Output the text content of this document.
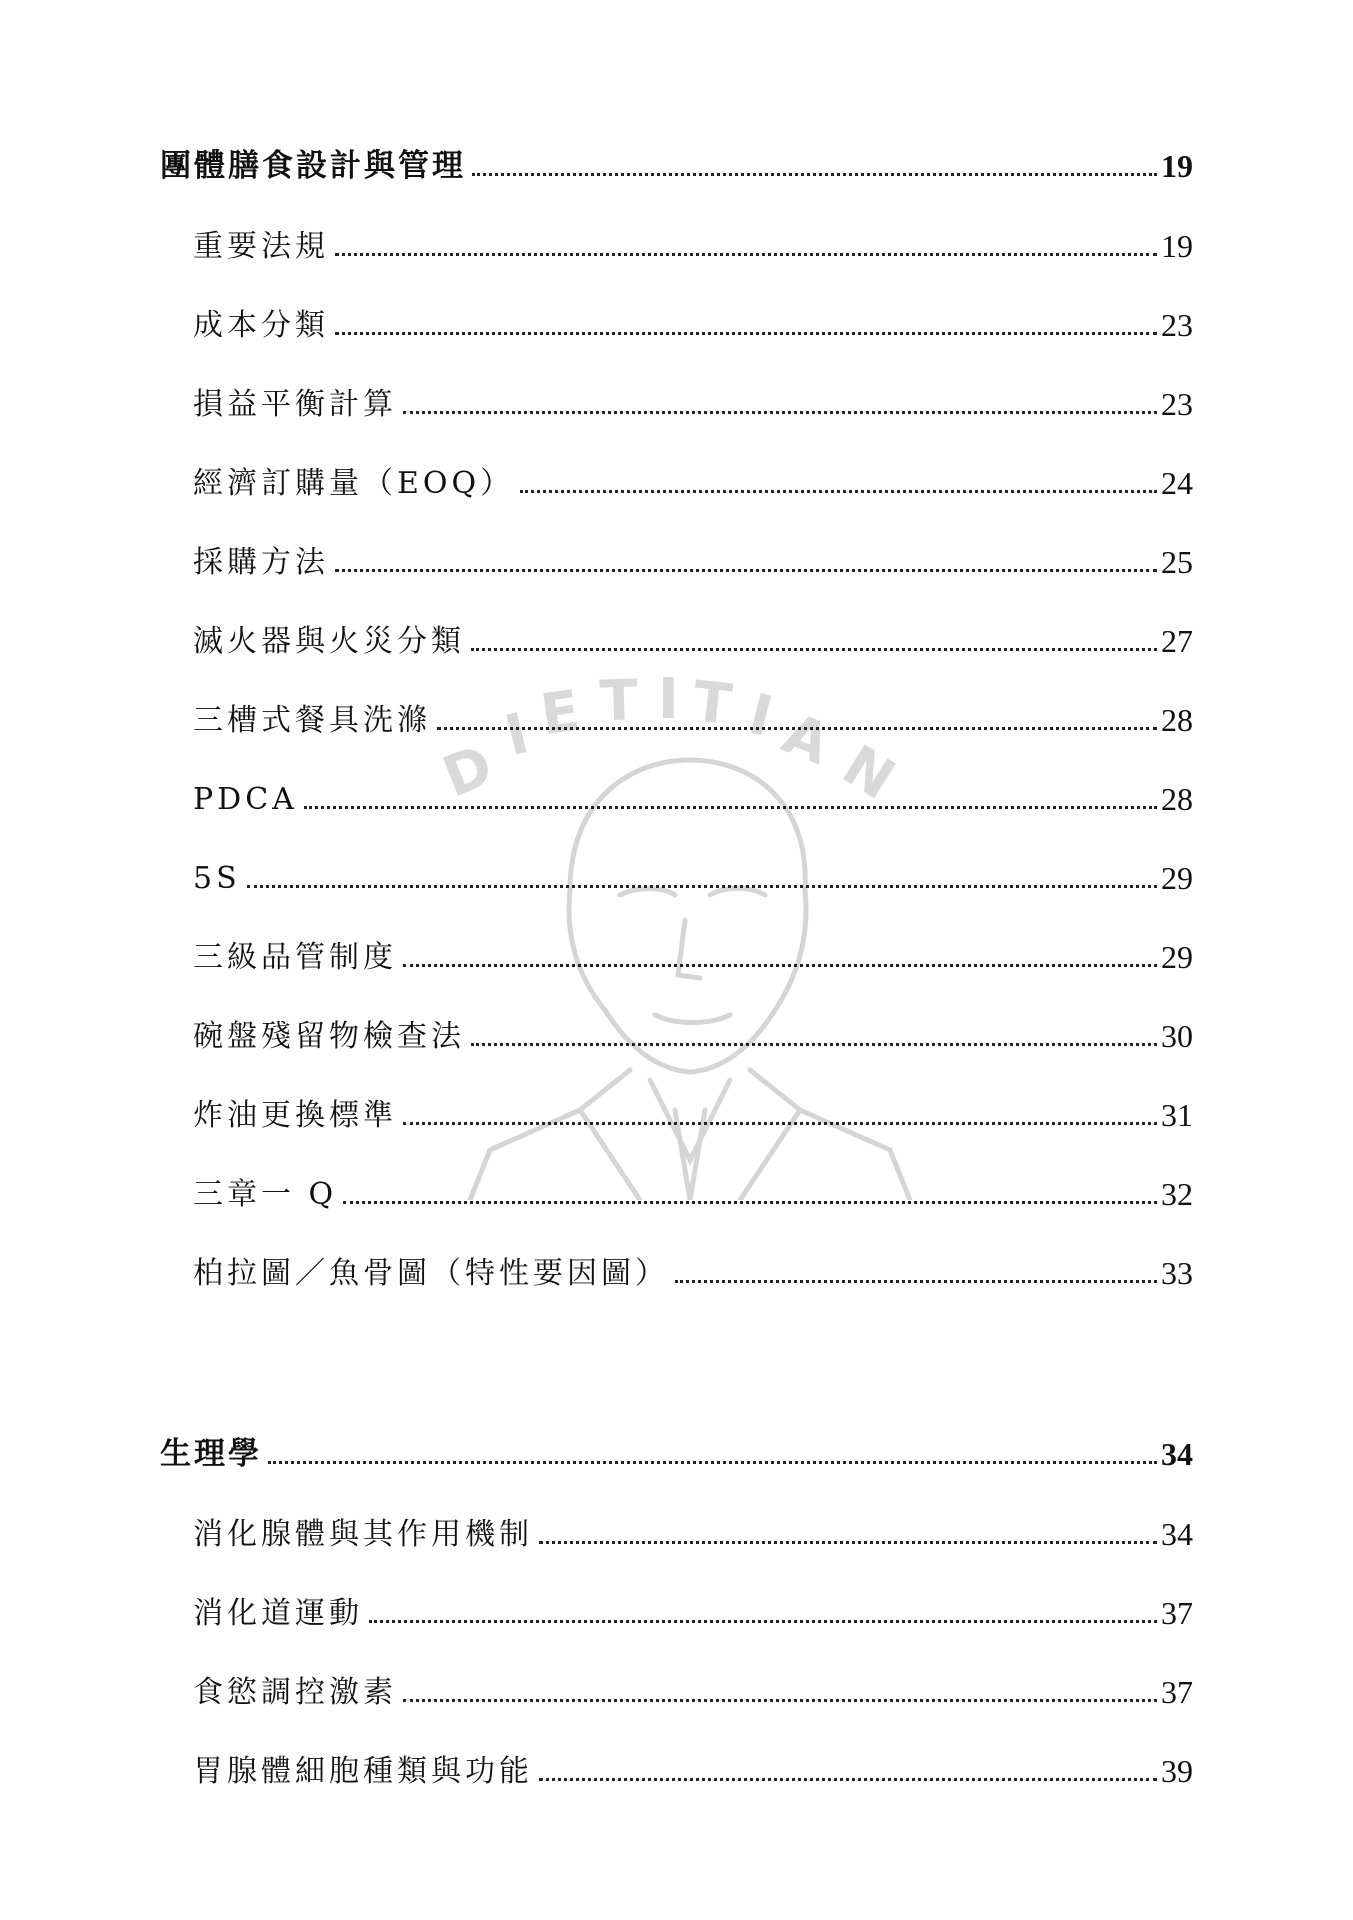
D
I E T I T I
A
N
團體膳食設計與管理	19
重要法規	19
成本分類	23
損益平衡計算	23
經濟訂購量（EOQ）	24
採購方法	25
滅火器與火災分類	27
三槽式餐具洗滌	28
PDCA	28
5S	29
三級品管制度	29
碗盤殘留物檢查法	30
炸油更換標準	31
三章一 Q	32
柏拉圖／魚骨圖（特性要因圖）	33
生理學	34
消化腺體與其作用機制	34
消化道運動	37
食慾調控激素	37
胃腺體細胞種類與功能	39
